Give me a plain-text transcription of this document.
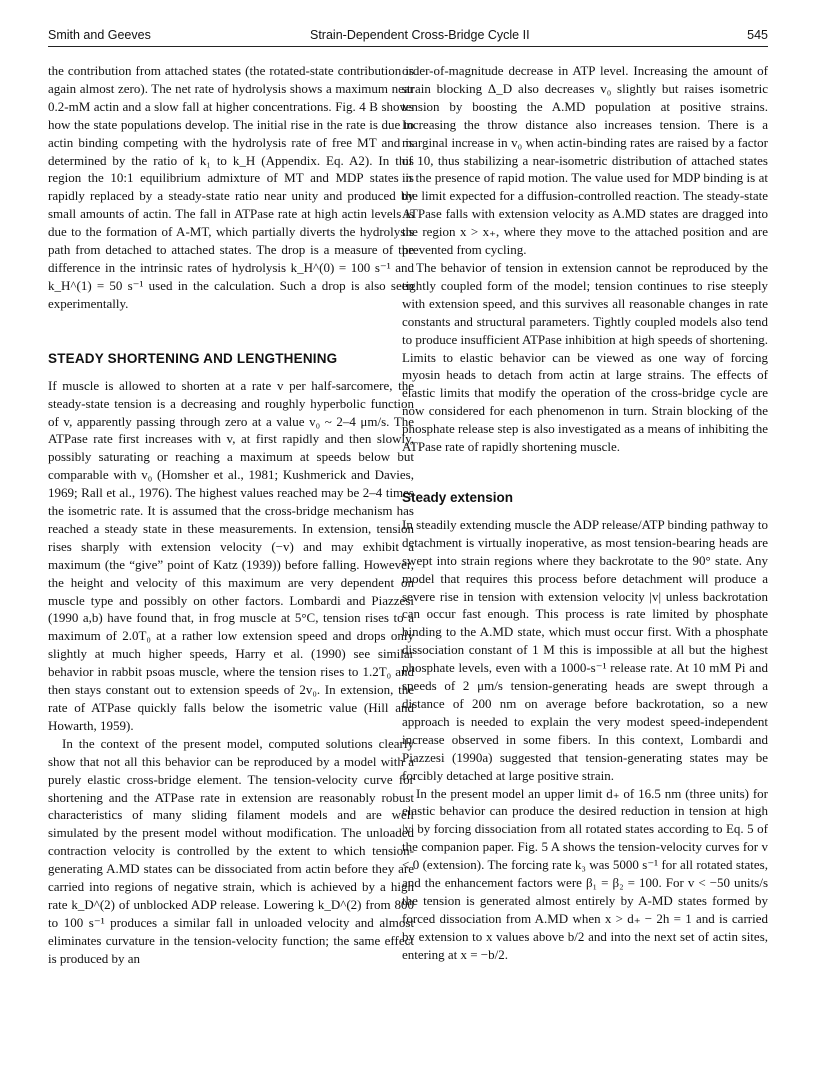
Smith and Geeves	Strain-Dependent Cross-Bridge Cycle II	545

the contribution from attached states (the rotated-state contribution is again almost zero). The net rate of hydrolysis shows a maximum near 0.2-mM actin and a slow fall at higher concentrations. Fig. 4 B shows how the state populations develop. The initial rise in the rate is due to actin binding competing with the hydrolysis rate of free MT and is determined by the ratio of k₁ to k_H (Appendix. Eq. A2). In this region the 10:1 equilibrium admixture of MT and MDP states is rapidly replaced by a steady-state ratio near unity and produced by small amounts of actin. The fall in ATPase rate at high actin levels is due to the formation of A-MT, which partially diverts the hydrolysis path from detached to attached states. The drop is a measure of the difference in the intrinsic rates of hydrolysis k_H^(0) = 100 s⁻¹ and k_H^(1) = 50 s⁻¹ used in the calculation. Such a drop is also seen experimentally.

STEADY SHORTENING AND LENGTHENING

If muscle is allowed to shorten at a rate v per half-sarcomere, the steady-state tension is a decreasing and roughly hyperbolic function of v, apparently passing through zero at a value v₀ ~ 2–4 μm/s. The ATPase rate first increases with v, at first rapidly and then slowly, possibly saturating or reaching a maximum at speeds below but comparable with v₀ (Homsher et al., 1981; Kushmerick and Davies, 1969; Rall et al., 1976). The highest values reached may be 2–4 times the isometric rate. It is assumed that the cross-bridge mechanism has reached a steady state in these measurements. In extension, tension rises sharply with extension velocity (−v) and may exhibit a maximum (the “give” point of Katz (1939)) before falling. However, the height and velocity of this maximum are very dependent on muscle type and possibly on other factors. Lombardi and Piazzesi (1990 a,b) have found that, in frog muscle at 5°C, tension rises to a maximum of 2.0T₀ at a rather low extension speed and drops only slightly at much higher speeds, Harry et al. (1990) see similar behavior in rabbit psoas muscle, where the tension rises to 1.2T₀ and then stays constant out to extension speeds of 2v₀. In extension, the rate of ATPase quickly falls below the isometric value (Hill and Howarth, 1959).

In the context of the present model, computed solutions clearly show that not all this behavior can be reproduced by a model with a purely elastic cross-bridge element. The tension-velocity curve for shortening and the ATPase rate in extension are reasonably robust characteristics of many sliding filament models and are well simulated by the present model without modification. The unloaded contraction velocity is controlled by the extent to which tension-generating A.MD states can be dissociated from actin before they are carried into regions of negative strain, which is achieved by a high rate k_D^(2) of unblocked ADP release. Lowering k_D^(2) from 800 to 100 s⁻¹ produces a similar fall in unloaded velocity and almost eliminates curvature in the tension-velocity function; the same effect is produced by an

order-of-magnitude decrease in ATP level. Increasing the amount of strain blocking Δ_D also decreases v₀ slightly but raises isometric tension by boosting the A.MD population at positive strains. Increasing the throw distance also increases tension. There is a marginal increase in v₀ when actin-binding rates are raised by a factor of 10, thus stabilizing a near-isometric distribution of attached states in the presence of rapid motion. The value used for MDP binding is at the limit expected for a diffusion-controlled reaction. The steady-state ATPase falls with extension velocity as A.MD states are dragged into the region x > x₊, where they move to the attached position and are prevented from cycling.

The behavior of tension in extension cannot be reproduced by the tightly coupled form of the model; tension continues to rise steeply with extension speed, and this survives all reasonable changes in rate constants and structural parameters. Tightly coupled models also tend to produce insufficient ATPase inhibition at high speeds of shortening. Limits to elastic behavior can be viewed as one way of forcing myosin heads to detach from actin at large strains. The effects of elastic limits that modify the operation of the cross-bridge cycle are now considered for each phenomenon in turn. Strain blocking of the phosphate release step is also investigated as a means of inhibiting the ATPase rate of rapidly shortening muscle.

Steady extension

In steadily extending muscle the ADP release/ATP binding pathway to detachment is virtually inoperative, as most tension-bearing heads are swept into strain regions where they backrotate to the 90° state. Any model that requires this process before detachment will produce a severe rise in tension with extension velocity |v| unless backrotation can occur fast enough. This process is rate limited by phosphate binding to the A.MD state, which must occur first. With a phosphate dissociation constant of 1 M this is impossible at all but the highest phosphate levels, even with a 1000-s⁻¹ release rate. At 10 mM Pi and speeds of 2 μm/s tension-generating heads are swept through a distance of 200 nm on average before backrotation, so a new approach is needed to explain the very modest speed-independent increase observed in some fibers. In this context, Lombardi and Piazzesi (1990a) suggested that tension-generating states may be forcibly detached at large positive strain.

In the present model an upper limit d₊ of 16.5 nm (three units) for elastic behavior can produce the desired reduction in tension at high |v| by forcing dissociation from all rotated states according to Eq. 5 of the companion paper. Fig. 5 A shows the tension-velocity curves for v < 0 (extension). The forcing rate k₃ was 5000 s⁻¹ for all rotated states, and the enhancement factors were β₁ = β₂ = 100. For v < −50 units/s the tension is generated almost entirely by A-MD states formed by forced dissociation from A.MD when x > d₊ − 2h = 1 and is carried by extension to x values above b/2 and into the next set of actin sites, entering at x = −b/2.
